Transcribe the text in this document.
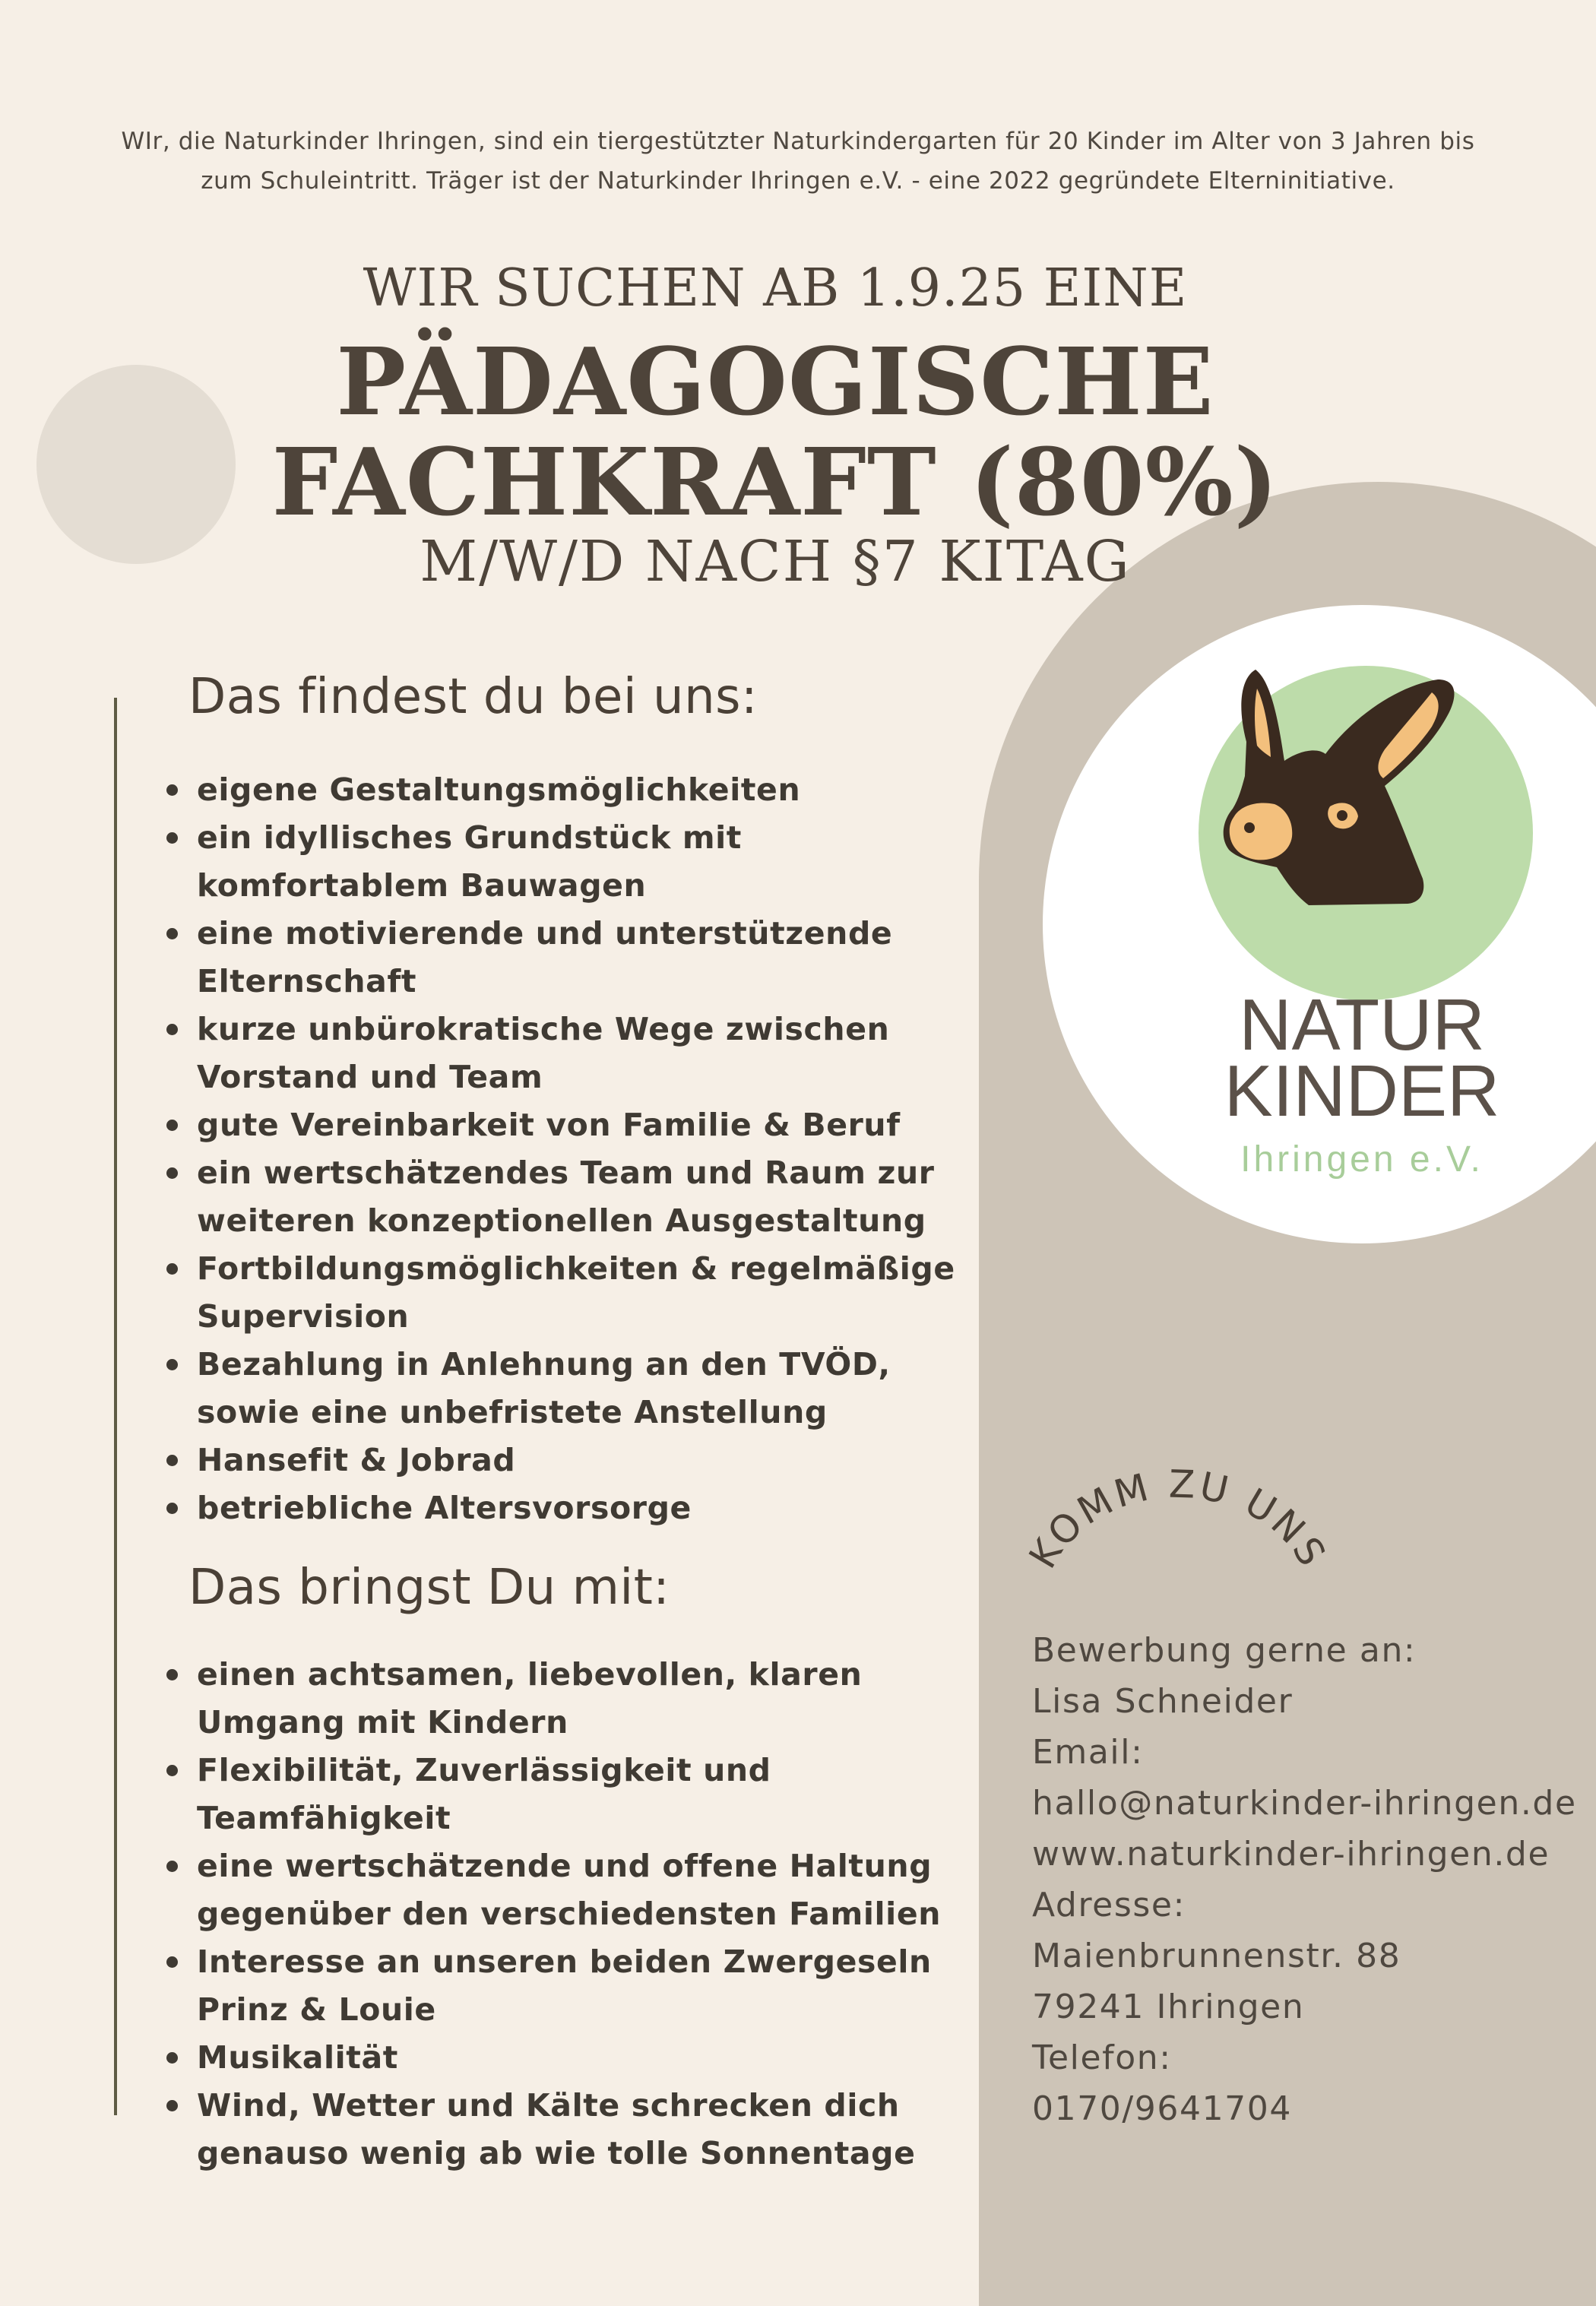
WIr, die Naturkinder Ihringen, sind ein tiergestützter Naturkindergarten für 20 Kinder im Alter von 3 Jahren bis
zum Schuleintritt. Träger ist der Naturkinder Ihringen e.V. - eine 2022 gegründete Elterninitiative.
WIR SUCHEN AB 1.9.25 EINE
PÄDAGOGISCHE
FACHKRAFT (80%)
M/W/D NACH §7 KITAG
Das findest du bei uns:
eigene Gestaltungsmöglichkeiten
ein idyllisches Grundstück mit komfortablem Bauwagen
eine motivierende und unterstützende Elternschaft
kurze unbürokratische Wege zwischen Vorstand und Team
gute Vereinbarkeit von Familie & Beruf
ein wertschätzendes Team und Raum zur weiteren konzeptionellen Ausgestaltung
Fortbildungsmöglichkeiten & regelmäßige Supervision
Bezahlung in Anlehnung an den TVÖD, sowie eine unbefristete Anstellung
Hansefit & Jobrad
betriebliche Altersvorsorge
Das bringst Du mit:
einen achtsamen, liebevollen, klaren Umgang mit Kindern
Flexibilität, Zuverlässigkeit und Teamfähigkeit
eine wertschätzende und offene Haltung gegenüber den verschiedensten Familien
Interesse an unseren beiden Zwergeseln Prinz & Louie
Musikalität
Wind, Wetter und Kälte schrecken dich genauso wenig ab wie tolle Sonnentage
NATUR
KINDER
Ihringen e.V.
KOMM ZU UNS
Bewerbung gerne an:
Lisa Schneider
Email:
hallo@naturkinder-ihringen.de
www.naturkinder-ihringen.de
Adresse:
Maienbrunnenstr. 88
79241 Ihringen
Telefon:
0170/9641704
